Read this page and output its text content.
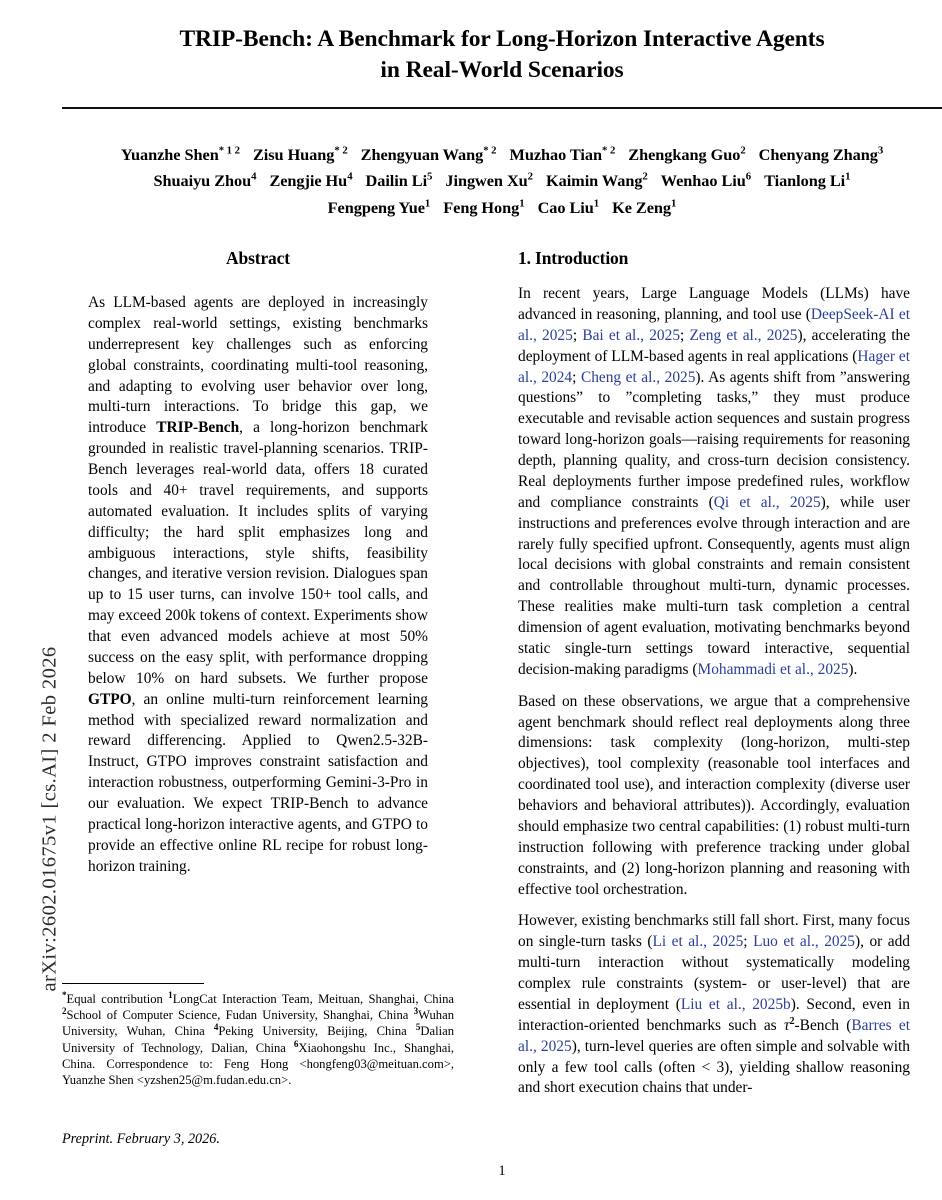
arXiv:2602.01675v1 [cs.AI] 2 Feb 2026
TRIP-Bench: A Benchmark for Long-Horizon Interactive Agents
in Real-World Scenarios
Yuanzhe Shen$^{* 1 2}$ Zisu Huang$^{* 2}$ Zhengyuan Wang$^{* 2}$ Muzhao Tian$^{* 2}$ Zhengkang Guo$^2$ Chenyang Zhang$^3$
Shuaiyu Zhou$^4$ Zengjie Hu$^4$ Dailin Li$^5$ Jingwen Xu$^2$ Kaimin Wang$^2$ Wenhao Liu$^6$ Tianlong Li$^1$
Fengpeng Yue$^1$ Feng Hong$^1$ Cao Liu$^1$ Ke Zeng$^1$
Abstract

As LLM-based agents are deployed in increasingly complex real-world settings, existing benchmarks underrepresent key challenges such as enforcing global constraints, coordinating multi-tool reasoning, and adapting to evolving user behavior over long, multi-turn interactions. To bridge this gap, we introduce TRIP-Bench, a long-horizon benchmark grounded in realistic travel-planning scenarios. TRIP-Bench leverages real-world data, offers 18 curated tools and 40+ travel requirements, and supports automated evaluation. It includes splits of varying difficulty; the hard split emphasizes long and ambiguous interactions, style shifts, feasibility changes, and iterative version revision. Dialogues span up to 15 user turns, can involve 150+ tool calls, and may exceed 200k tokens of context. Experiments show that even advanced models achieve at most 50% success on the easy split, with performance dropping below 10% on hard subsets. We further propose GTPO, an online multi-turn reinforcement learning method with specialized reward normalization and reward differencing. Applied to Qwen2.5-32B-Instruct, GTPO improves constraint satisfaction and interaction robustness, outperforming Gemini-3-Pro in our evaluation. We expect TRIP-Bench to advance practical long-horizon interactive agents, and GTPO to provide an effective online RL recipe for robust long-horizon training.

1. Introduction

In recent years, Large Language Models (LLMs) have advanced in reasoning, planning, and tool use (DeepSeek-AI et al., 2025; Bai et al., 2025; Zeng et al., 2025), accelerating the deployment of LLM-based agents in real applications (Hager et al., 2024; Cheng et al., 2025). As agents shift from ”answering questions” to ”completing tasks,” they must produce executable and revisable action sequences and sustain progress toward long-horizon goals—raising requirements for reasoning depth, planning quality, and cross-turn decision consistency. Real deployments further impose predefined rules, workflow and compliance constraints (Qi et al., 2025), while user instructions and preferences evolve through interaction and are rarely fully specified upfront. Consequently, agents must align local decisions with global constraints and remain consistent and controllable throughout multi-turn, dynamic processes. These realities make multi-turn task completion a central dimension of agent evaluation, motivating benchmarks beyond static single-turn settings toward interactive, sequential decision-making paradigms (Mohammadi et al., 2025).

Based on these observations, we argue that a comprehensive agent benchmark should reflect real deployments along three dimensions: task complexity (long-horizon, multi-step objectives), tool complexity (reasonable tool interfaces and coordinated tool use), and interaction complexity (diverse user behaviors and behavioral attributes)). Accordingly, evaluation should emphasize two central capabilities: (1) robust multi-turn instruction following with preference tracking under global constraints, and (2) long-horizon planning and reasoning with effective tool orchestration.

However, existing benchmarks still fall short. First, many focus on single-turn tasks (Li et al., 2025; Luo et al., 2025), or add multi-turn interaction without systematically modeling complex rule constraints (system- or user-level) that are essential in deployment (Liu et al., 2025b). Second, even in interaction-oriented benchmarks such as $\tau^2$-Bench (Barres et al., 2025), turn-level queries are often simple and solvable with only a few tool calls (often < 3), yielding shallow reasoning and short execution chains that under-

*Equal contribution $^1$LongCat Interaction Team, Meituan, Shanghai, China $^2$School of Computer Science, Fudan University, Shanghai, China $^3$Wuhan University, Wuhan, China $^4$Peking University, Beijing, China $^5$Dalian University of Technology, Dalian, China $^6$Xiaohongshu Inc., Shanghai, China. Correspondence to: Feng Hong <hongfeng03@meituan.com>, Yuanzhe Shen <yzshen25@m.fudan.edu.cn>.
Preprint. February 3, 2026.
1
